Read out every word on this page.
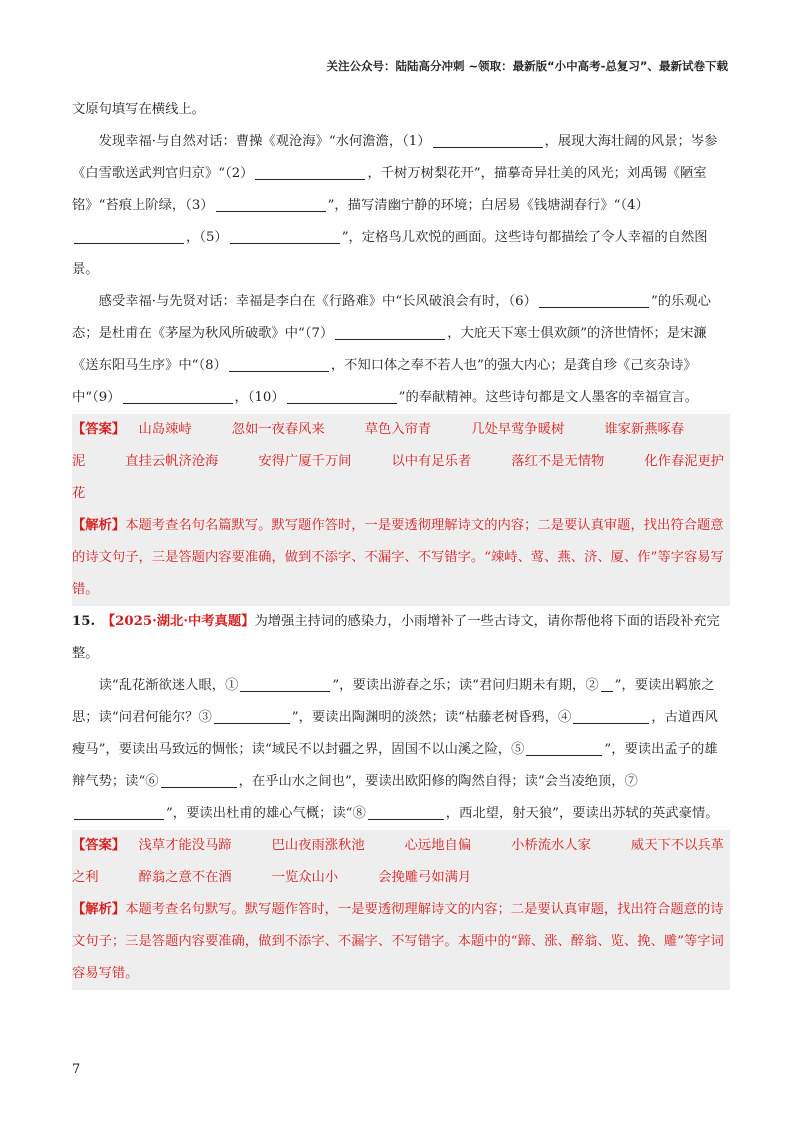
关注公众号：陆陆高分冲刺 ~领取：最新版“小中高考-总复习”、最新试卷下载

文原句填写在横线上。

发现幸福·与自然对话：曹操《观沧海》“水何澹澹，（1）	，展现大海壮阔的风景；岑参《白雪歌送武判官归京》“（2）	，千树万树梨花开”，描摹奇异壮美的风光；刘禹锡《陋室铭》“苔痕上阶绿，（3）	”，描写清幽宁静的环境；白居易《钱塘湖春行》“（4），（5）	”，定格鸟儿欢悦的画面。这些诗句都描绘了令人幸福的自然图景。

感受幸福·与先贤对话：幸福是李白在《行路难》中“长风破浪会有时，（6）	”的乐观心态；是杜甫在《茅屋为秋风所破歌》中“（7）	，大庇天下寒士俱欢颜”的济世情怀；是宋濂《送东阳马生序》中“（8）	，不知口体之奉不若人也”的强大内心；是龚自珍《己亥杂诗》中“（9）	，（10）	”的奉献精神。这些诗句都是文人墨客的幸福宣言。

【答案】  山岛竦峙	忽如一夜春风来	草色入帘青	几处早莺争暖树	谁家新燕啄春泥	直挂云帆济沧海	安得广厦千万间	以中有足乐者	落红不是无情物	化作春泥更护花

【解析】本题考查名句名篇默写。默写题作答时，一是要透彻理解诗文的内容；二是要认真审题，找出符合题意的诗文句子，三是答题内容要准确，做到不添字、不漏字、不写错字。“竦峙、莺、燕、济、厦、作”等字容易写错。

15.  【2025·湖北·中考真题】为增强主持词的感染力，小雨增补了一些古诗文，请你帮他将下面的语段补充完整。

读“乱花渐欲迷人眼，①	”，要读出游春之乐；读“君问归期未有期，② ”，要读出羁旅之思；读“问君何能尔？③	”，要读出陶渊明的淡然；读“枯藤老树昏鸦，④	，古道西风瘦马”，要读出马致远的惆怅；读“域民不以封疆之界，固国不以山溪之险，⑤	”，要读出孟子的雄辩气势；读“⑥	，在乎山水之间也”，要读出欧阳修的陶然自得；读“会当凌绝顶，⑦”，要读出杜甫的雄心气概；读“⑧	，西北望，射天狼”，要读出苏轼的英武豪情。

【答案】  浅草才能没马蹄	巴山夜雨涨秋池	心远地自偏	小桥流水人家	威天下不以兵革之利	醉翁之意不在酒	一览众山小	会挽雕弓如满月

【解析】本题考查名句默写。默写题作答时，一是要透彻理解诗文的内容；二是要认真审题，找出符合题意的诗文句子；三是答题内容要准确，做到不添字、不漏字、不写错字。本题中的“蹄、涨、醉翁、览、挽、雕”等字词容易写错。

7
